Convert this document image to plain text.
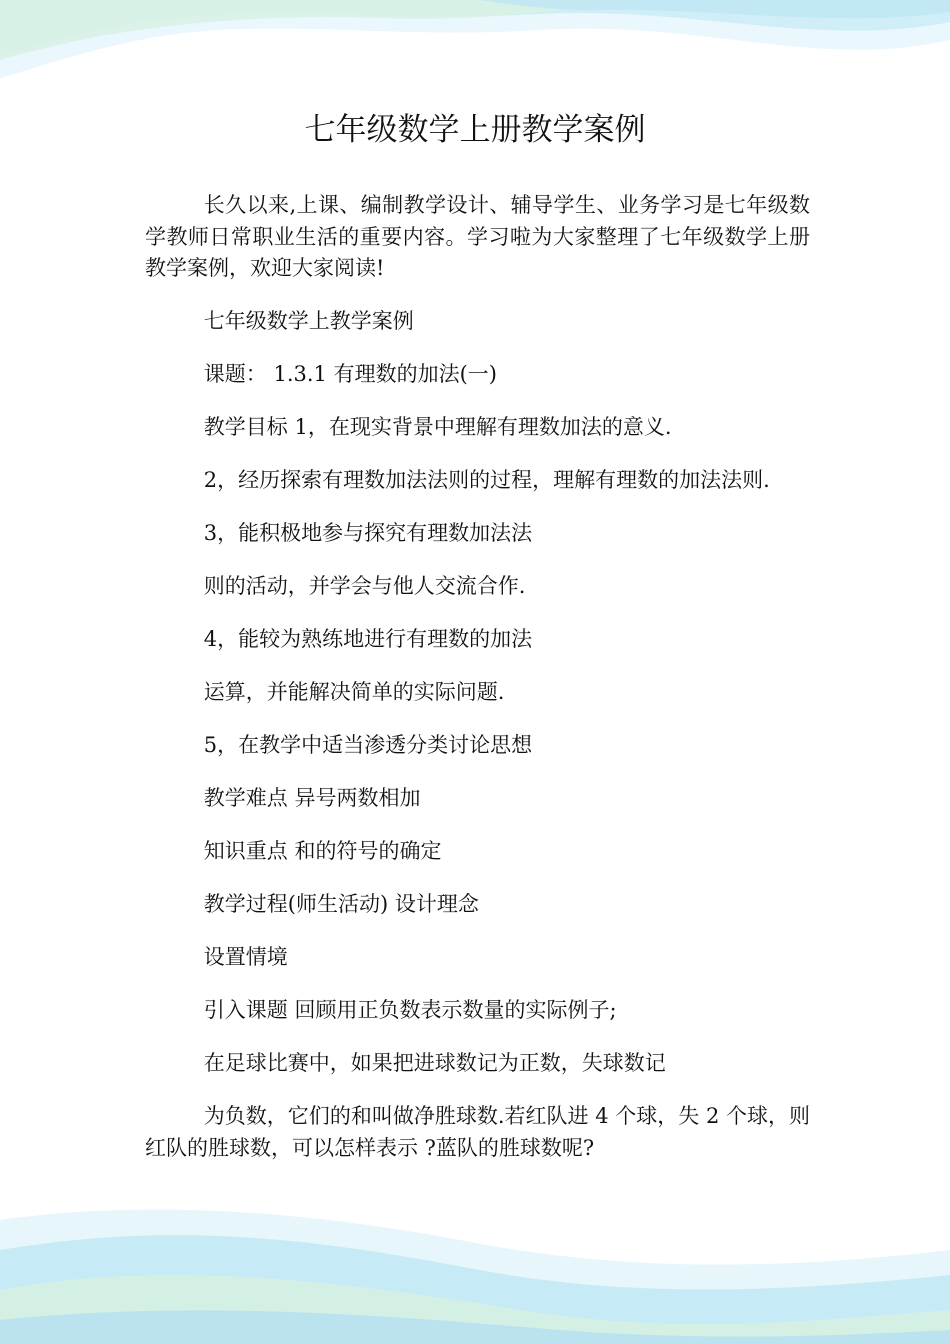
七年级数学上册教学案例

长久以来,上课、编制教学设计、辅导学生、业务学习是七年级数学教师日常职业生活的重要内容。学习啦为大家整理了七年级数学上册教学案例，欢迎大家阅读!

七年级数学上教学案例

课题： 1.3.1 有理数的加法(一)

教学目标 1，在现实背景中理解有理数加法的意义.

2，经历探索有理数加法法则的过程，理解有理数的加法法则.

3，能积极地参与探究有理数加法法

则的活动，并学会与他人交流合作.

4，能较为熟练地进行有理数的加法

运算，并能解决简单的实际问题.

5，在教学中适当渗透分类讨论思想

教学难点 异号两数相加

知识重点 和的符号的确定

教学过程(师生活动) 设计理念

设置情境

引入课题 回顾用正负数表示数量的实际例子;

在足球比赛中，如果把进球数记为正数，失球数记

为负数，它们的和叫做净胜球数.若红队进 4 个球，失 2 个球，则红队的胜球数，可以怎样表示 ?蓝队的胜球数呢?
